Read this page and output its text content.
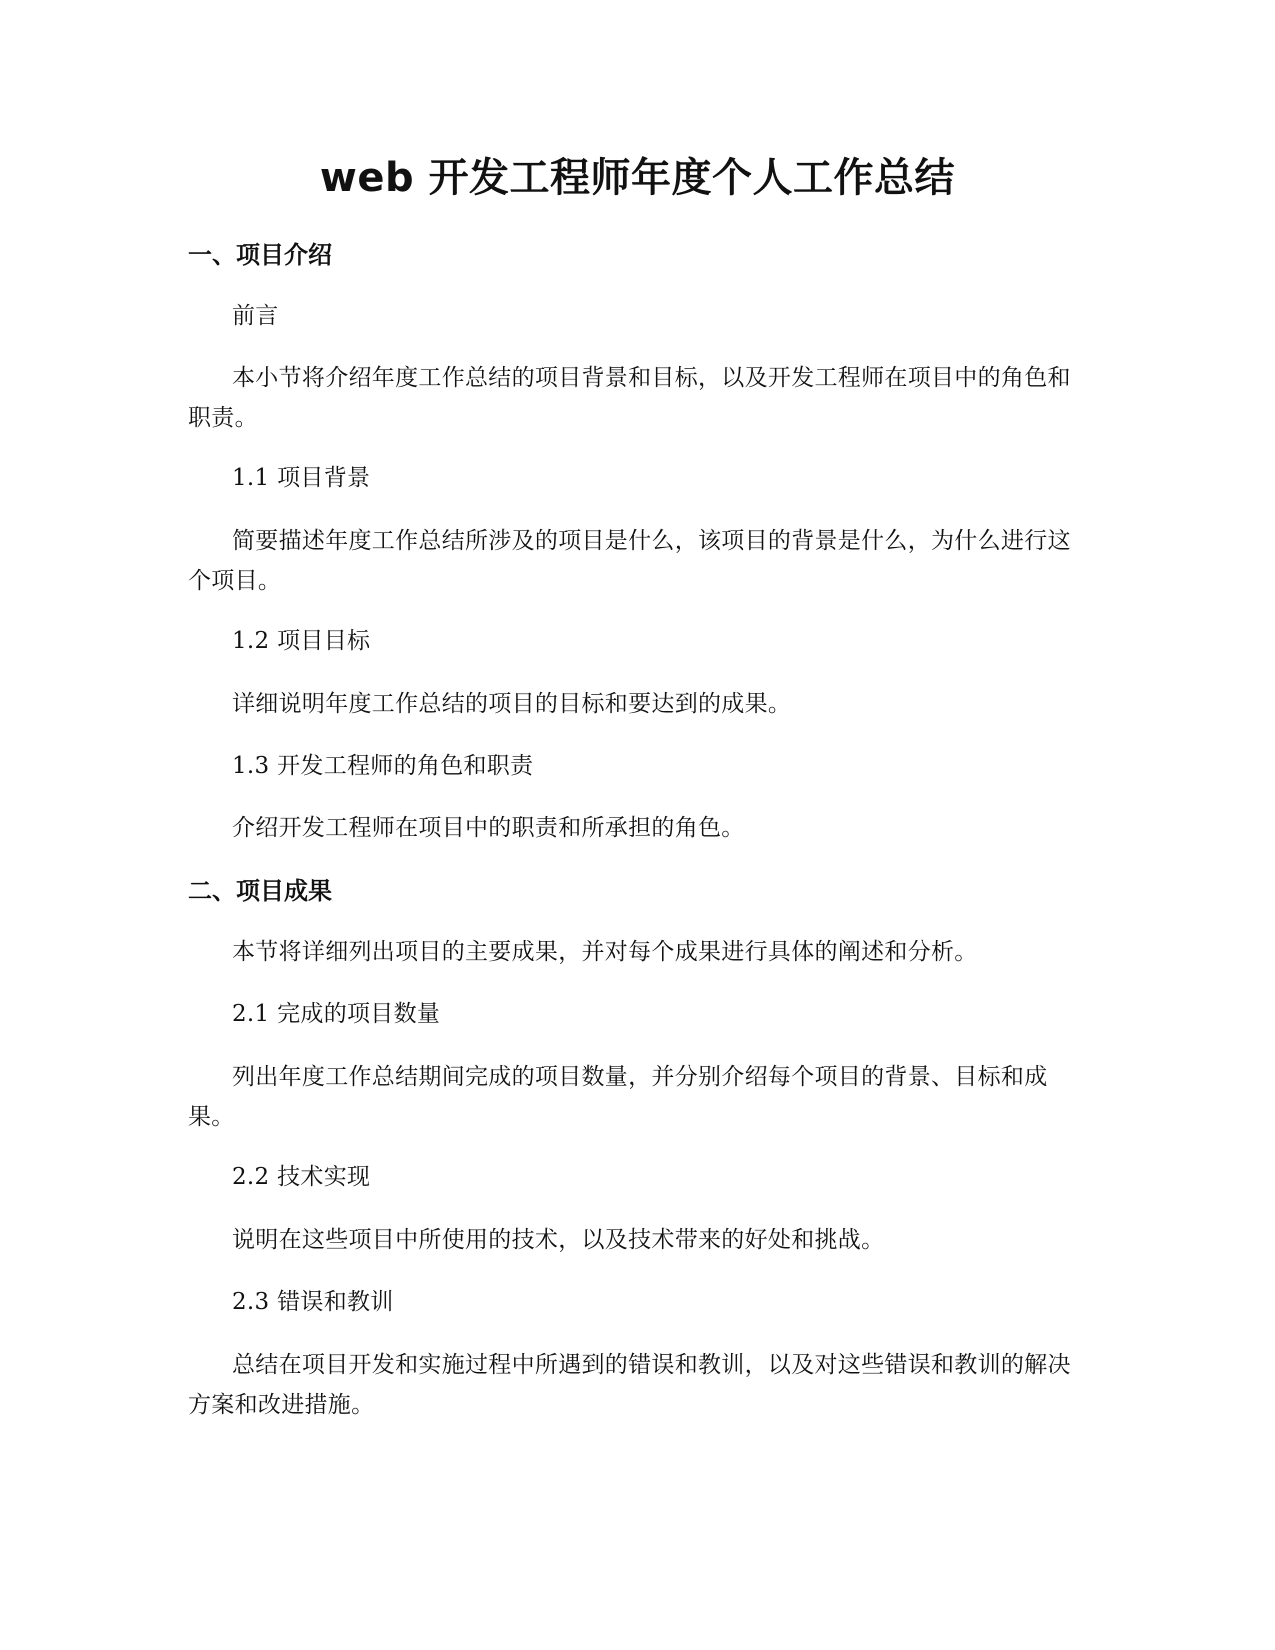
web 开发工程师年度个人工作总结
一、项目介绍

前言

本小节将介绍年度工作总结的项目背景和目标，以及开发工程师在项目中的角色和职责。

1.1 项目背景

简要描述年度工作总结所涉及的项目是什么，该项目的背景是什么，为什么进行这个项目。

1.2 项目目标

详细说明年度工作总结的项目的目标和要达到的成果。

1.3 开发工程师的角色和职责

介绍开发工程师在项目中的职责和所承担的角色。

二、项目成果

本节将详细列出项目的主要成果，并对每个成果进行具体的阐述和分析。

2.1 完成的项目数量

列出年度工作总结期间完成的项目数量，并分别介绍每个项目的背景、目标和成果。

2.2 技术实现

说明在这些项目中所使用的技术，以及技术带来的好处和挑战。

2.3 错误和教训

总结在项目开发和实施过程中所遇到的错误和教训，以及对这些错误和教训的解决方案和改进措施。
